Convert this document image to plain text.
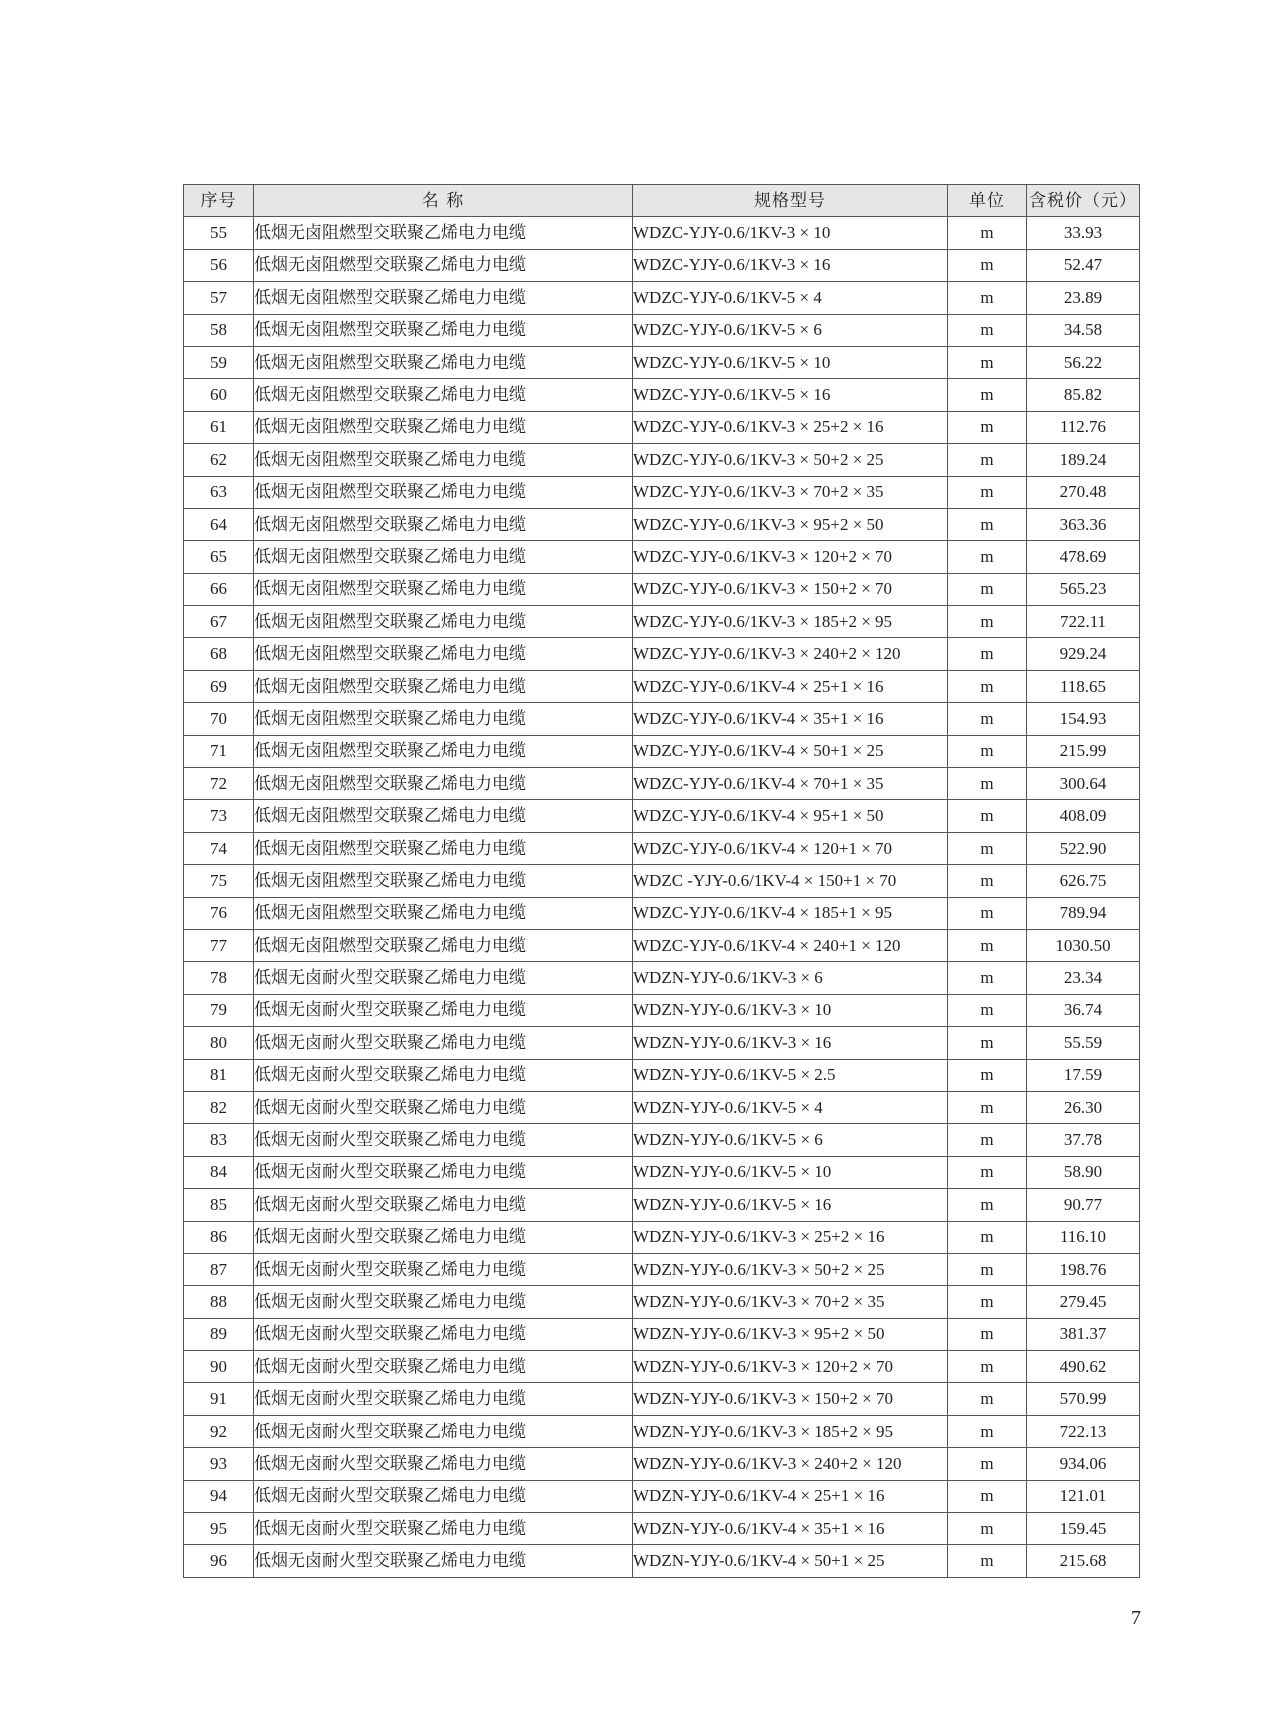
序号	名 称	规格型号	单位	含税价（元）
55	低烟无卤阻燃型交联聚乙烯电力电缆	WDZC-YJY-0.6/1KV-3 × 10	m	33.93
56	低烟无卤阻燃型交联聚乙烯电力电缆	WDZC-YJY-0.6/1KV-3 × 16	m	52.47
57	低烟无卤阻燃型交联聚乙烯电力电缆	WDZC-YJY-0.6/1KV-5 × 4	m	23.89
58	低烟无卤阻燃型交联聚乙烯电力电缆	WDZC-YJY-0.6/1KV-5 × 6	m	34.58
59	低烟无卤阻燃型交联聚乙烯电力电缆	WDZC-YJY-0.6/1KV-5 × 10	m	56.22
60	低烟无卤阻燃型交联聚乙烯电力电缆	WDZC-YJY-0.6/1KV-5 × 16	m	85.82
61	低烟无卤阻燃型交联聚乙烯电力电缆	WDZC-YJY-0.6/1KV-3 × 25+2 × 16	m	112.76
62	低烟无卤阻燃型交联聚乙烯电力电缆	WDZC-YJY-0.6/1KV-3 × 50+2 × 25	m	189.24
63	低烟无卤阻燃型交联聚乙烯电力电缆	WDZC-YJY-0.6/1KV-3 × 70+2 × 35	m	270.48
64	低烟无卤阻燃型交联聚乙烯电力电缆	WDZC-YJY-0.6/1KV-3 × 95+2 × 50	m	363.36
65	低烟无卤阻燃型交联聚乙烯电力电缆	WDZC-YJY-0.6/1KV-3 × 120+2 × 70	m	478.69
66	低烟无卤阻燃型交联聚乙烯电力电缆	WDZC-YJY-0.6/1KV-3 × 150+2 × 70	m	565.23
67	低烟无卤阻燃型交联聚乙烯电力电缆	WDZC-YJY-0.6/1KV-3 × 185+2 × 95	m	722.11
68	低烟无卤阻燃型交联聚乙烯电力电缆	WDZC-YJY-0.6/1KV-3 × 240+2 × 120	m	929.24
69	低烟无卤阻燃型交联聚乙烯电力电缆	WDZC-YJY-0.6/1KV-4 × 25+1 × 16	m	118.65
70	低烟无卤阻燃型交联聚乙烯电力电缆	WDZC-YJY-0.6/1KV-4 × 35+1 × 16	m	154.93
71	低烟无卤阻燃型交联聚乙烯电力电缆	WDZC-YJY-0.6/1KV-4 × 50+1 × 25	m	215.99
72	低烟无卤阻燃型交联聚乙烯电力电缆	WDZC-YJY-0.6/1KV-4 × 70+1 × 35	m	300.64
73	低烟无卤阻燃型交联聚乙烯电力电缆	WDZC-YJY-0.6/1KV-4 × 95+1 × 50	m	408.09
74	低烟无卤阻燃型交联聚乙烯电力电缆	WDZC-YJY-0.6/1KV-4 × 120+1 × 70	m	522.90
75	低烟无卤阻燃型交联聚乙烯电力电缆	WDZC -YJY-0.6/1KV-4 × 150+1 × 70	m	626.75
76	低烟无卤阻燃型交联聚乙烯电力电缆	WDZC-YJY-0.6/1KV-4 × 185+1 × 95	m	789.94
77	低烟无卤阻燃型交联聚乙烯电力电缆	WDZC-YJY-0.6/1KV-4 × 240+1 × 120	m	1030.50
78	低烟无卤耐火型交联聚乙烯电力电缆	WDZN-YJY-0.6/1KV-3 × 6	m	23.34
79	低烟无卤耐火型交联聚乙烯电力电缆	WDZN-YJY-0.6/1KV-3 × 10	m	36.74
80	低烟无卤耐火型交联聚乙烯电力电缆	WDZN-YJY-0.6/1KV-3 × 16	m	55.59
81	低烟无卤耐火型交联聚乙烯电力电缆	WDZN-YJY-0.6/1KV-5 × 2.5	m	17.59
82	低烟无卤耐火型交联聚乙烯电力电缆	WDZN-YJY-0.6/1KV-5 × 4	m	26.30
83	低烟无卤耐火型交联聚乙烯电力电缆	WDZN-YJY-0.6/1KV-5 × 6	m	37.78
84	低烟无卤耐火型交联聚乙烯电力电缆	WDZN-YJY-0.6/1KV-5 × 10	m	58.90
85	低烟无卤耐火型交联聚乙烯电力电缆	WDZN-YJY-0.6/1KV-5 × 16	m	90.77
86	低烟无卤耐火型交联聚乙烯电力电缆	WDZN-YJY-0.6/1KV-3 × 25+2 × 16	m	116.10
87	低烟无卤耐火型交联聚乙烯电力电缆	WDZN-YJY-0.6/1KV-3 × 50+2 × 25	m	198.76
88	低烟无卤耐火型交联聚乙烯电力电缆	WDZN-YJY-0.6/1KV-3 × 70+2 × 35	m	279.45
89	低烟无卤耐火型交联聚乙烯电力电缆	WDZN-YJY-0.6/1KV-3 × 95+2 × 50	m	381.37
90	低烟无卤耐火型交联聚乙烯电力电缆	WDZN-YJY-0.6/1KV-3 × 120+2 × 70	m	490.62
91	低烟无卤耐火型交联聚乙烯电力电缆	WDZN-YJY-0.6/1KV-3 × 150+2 × 70	m	570.99
92	低烟无卤耐火型交联聚乙烯电力电缆	WDZN-YJY-0.6/1KV-3 × 185+2 × 95	m	722.13
93	低烟无卤耐火型交联聚乙烯电力电缆	WDZN-YJY-0.6/1KV-3 × 240+2 × 120	m	934.06
94	低烟无卤耐火型交联聚乙烯电力电缆	WDZN-YJY-0.6/1KV-4 × 25+1 × 16	m	121.01
95	低烟无卤耐火型交联聚乙烯电力电缆	WDZN-YJY-0.6/1KV-4 × 35+1 × 16	m	159.45
96	低烟无卤耐火型交联聚乙烯电力电缆	WDZN-YJY-0.6/1KV-4 × 50+1 × 25	m	215.68
7
